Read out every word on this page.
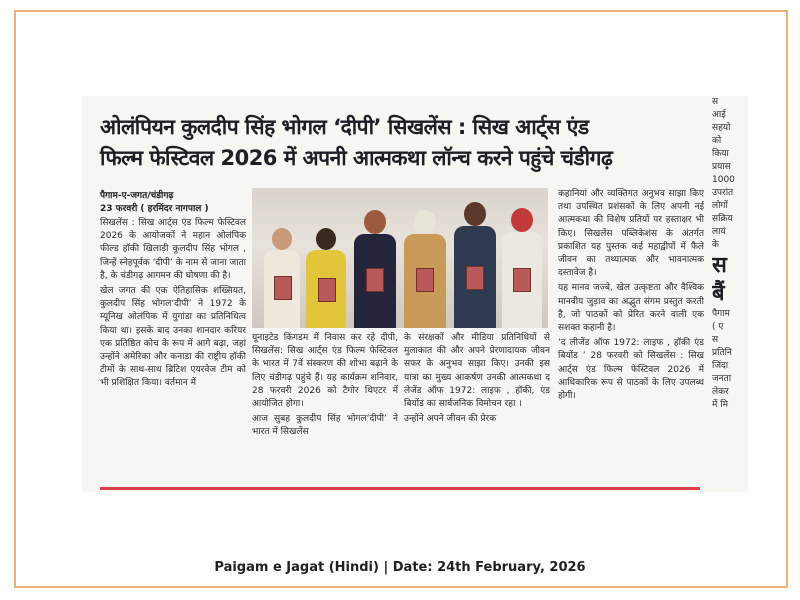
ओलंपियन कुलदीप सिंह भोगल ‘दीपी’ सिखलेंस : सिख आर्ट्स एंड
फिल्म फेस्टिवल 2026 में अपनी आत्मकथा लॉन्च करने पहुंचे चंडीगढ़
पैगाम-ए-जगत/चंडीगढ़
23 फरवरी ( हरमिंदर नागपाल )

सिखलेंस : सिख आर्ट्स एंड फिल्म फेस्टिवल 2026 के आयोजकों ने महान ओलंपिक फील्ड हॉकी खिलाड़ी कुलदीप सिंह भोगल , जिन्हें स्नेहपूर्वक ‘दीपी’ के नाम से जाना जाता है, के चंडीगढ़ आगमन की घोषणा की है।

खेल जगत की एक ऐतिहासिक शख्सियत, कुलदीप सिंह भोगल‘दीपी’ ने 1972 के म्यूनिख ओलंपिक में युगांडा का प्रतिनिधित्व किया था। इसके बाद उनका शानदार करियर एक प्रतिष्ठित कोच के रूप में आगे बढ़ा, जहां उन्होंने अमेरिका और कनाडा की राष्ट्रीय हॉकी टीमों के साथ-साथ ब्रिटिश एयरवेज टीम को भी प्रशिक्षित किया। वर्तमान में

यूनाइटेड किंगडम में निवास कर रहे दीपी, सिखलेंस: सिख आर्ट्स एंड फिल्म फेस्टिवल के भारत में 7वें संस्करण की शोभा बढ़ाने के लिए चंडीगढ़ पहुंचे हैं। यह कार्यक्रम शनिवार, 28 फरवरी 2026 को टैगोर थिएटर में आयोजित होगा।

आज सुबह कुलदीप सिंह भोगल‘दीपी’ ने भारत में सिखलेंस

के संरक्षकों और मीडिया प्रतिनिधियों से मुलाकात की और अपने प्रेरणादायक जीवन सफर के अनुभव साझा किए। उनकी इस यात्रा का मुख्य आकर्षण उनकी आत्मकथा द लेजेंड ऑफ 1972: लाइफ , हॉकी, एंड बियोंड का सार्वजनिक विमोचन रहा ।

उन्होंने अपने जीवन की प्रेरक

कहानियां और व्यक्तिगत अनुभव साझा किए तथा उपस्थित प्रशंसकों के लिए अपनी नई आत्मकथा की विशेष प्रतियों पर हस्ताक्षर भी किए। सिखलेंस पब्लिकेशंस के अंतर्गत प्रकाशित यह पुस्तक कई महाद्वीपों में फैले जीवन का तथ्यात्मक और भावनात्मक दस्तावेज है।

यह मानव जज्बे, खेल उत्कृष्टता और वैश्विक मानवीय जुड़ाव का अद्भुत संगम प्रस्तुत करती है, जो पाठकों को प्रेरित करने वाली एक सशक्त कहानी है।

‘द लीजेंड ऑफ 1972: लाइफ , हॉकी एंड बियोंड ’ 28 फरवरी को सिखलेंस : सिख आर्ट्स एंड फिल्म फेस्टिवल 2026 में आधिकारिक रूप से पाठकों के लिए उपलब्ध होगी।

स
आई
सहयो
को
किया
प्रयास
1000
उपरांत
लोगों
सक्रिय
लायं
के
स
बैं
पैगाम
( ए
स
प्रतिनि
जिंदा
जनता
लेकर
में मि
Paigam e Jagat (Hindi) | Date: 24th February, 2026
